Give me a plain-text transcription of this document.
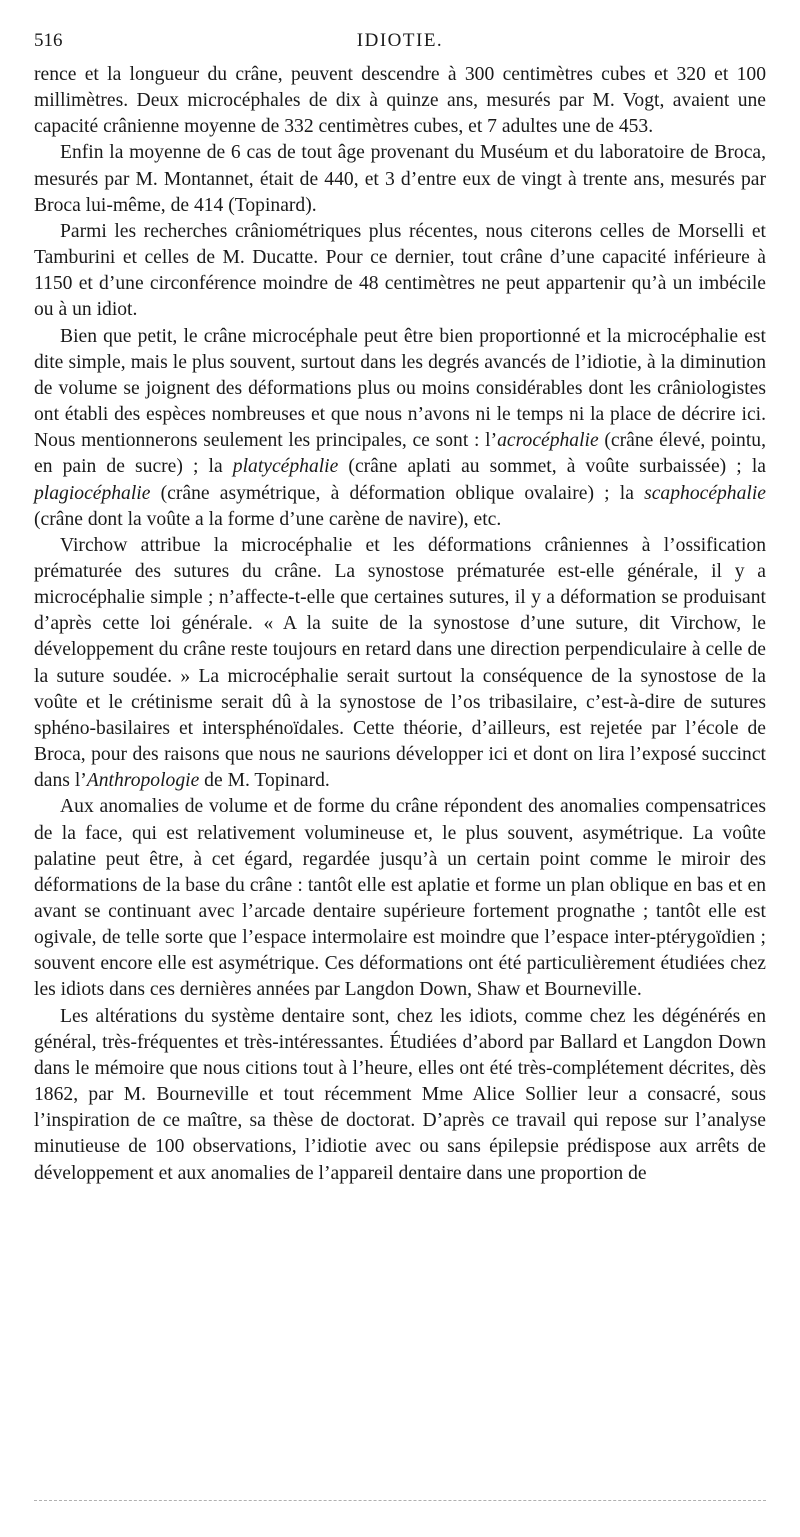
516	IDIOTIE.

rence et la longueur du crâne, peuvent descendre à 300 centimètres cubes et 320 et 100 millimètres. Deux microcéphales de dix à quinze ans, mesurés par M. Vogt, avaient une capacité crânienne moyenne de 332 centimètres cubes, et 7 adultes une de 453.

Enfin la moyenne de 6 cas de tout âge provenant du Muséum et du laboratoire de Broca, mesurés par M. Montannet, était de 440, et 3 d’entre eux de vingt à trente ans, mesurés par Broca lui-même, de 414 (Topinard).

Parmi les recherches crâniométriques plus récentes, nous citerons celles de Morselli et Tamburini et celles de M. Ducatte. Pour ce dernier, tout crâne d’une capacité inférieure à 1150 et d’une circonférence moindre de 48 centimètres ne peut appartenir qu’à un imbécile ou à un idiot.

Bien que petit, le crâne microcéphale peut être bien proportionné et la microcéphalie est dite simple, mais le plus souvent, surtout dans les degrés avancés de l’idiotie, à la diminution de volume se joignent des déformations plus ou moins considérables dont les crâniologistes ont établi des espèces nombreuses et que nous n’avons ni le temps ni la place de décrire ici. Nous mentionnerons seulement les principales, ce sont : l’acrocéphalie (crâne élevé, pointu, en pain de sucre) ; la platycéphalie (crâne aplati au sommet, à voûte surbaissée) ; la plagiocéphalie (crâne asymétrique, à déformation oblique ovalaire) ; la scaphocéphalie (crâne dont la voûte a la forme d’une carène de navire), etc.

Virchow attribue la microcéphalie et les déformations crâniennes à l’ossification prématurée des sutures du crâne. La synostose prématurée est-elle générale, il y a microcéphalie simple ; n’affecte-t-elle que certaines sutures, il y a déformation se produisant d’après cette loi générale. « A la suite de la synostose d’une suture, dit Virchow, le développement du crâne reste toujours en retard dans une direction perpendiculaire à celle de la suture soudée. » La microcéphalie serait surtout la conséquence de la synostose de la voûte et le crétinisme serait dû à la synostose de l’os tribasilaire, c’est-à-dire de sutures sphéno-basilaires et intersphénoïdales. Cette théorie, d’ailleurs, est rejetée par l’école de Broca, pour des raisons que nous ne saurions développer ici et dont on lira l’exposé succinct dans l’Anthropologie de M. Topinard.

Aux anomalies de volume et de forme du crâne répondent des anomalies compensatrices de la face, qui est relativement volumineuse et, le plus souvent, asymétrique. La voûte palatine peut être, à cet égard, regardée jusqu’à un certain point comme le miroir des déformations de la base du crâne : tantôt elle est aplatie et forme un plan oblique en bas et en avant se continuant avec l’arcade dentaire supérieure fortement prognathe ; tantôt elle est ogivale, de telle sorte que l’espace intermolaire est moindre que l’espace inter-ptérygoïdien ; souvent encore elle est asymétrique. Ces déformations ont été particulièrement étudiées chez les idiots dans ces dernières années par Langdon Down, Shaw et Bourneville.

Les altérations du système dentaire sont, chez les idiots, comme chez les dégénérés en général, très-fréquentes et très-intéressantes. Étudiées d’abord par Ballard et Langdon Down dans le mémoire que nous citions tout à l’heure, elles ont été très-complétement décrites, dès 1862, par M. Bourneville et tout récemment Mme Alice Sollier leur a consacré, sous l’inspiration de ce maître, sa thèse de doctorat. D’après ce travail qui repose sur l’analyse minutieuse de 100 observations, l’idiotie avec ou sans épilepsie prédispose aux arrêts de développement et aux anomalies de l’appareil dentaire dans une proportion de
